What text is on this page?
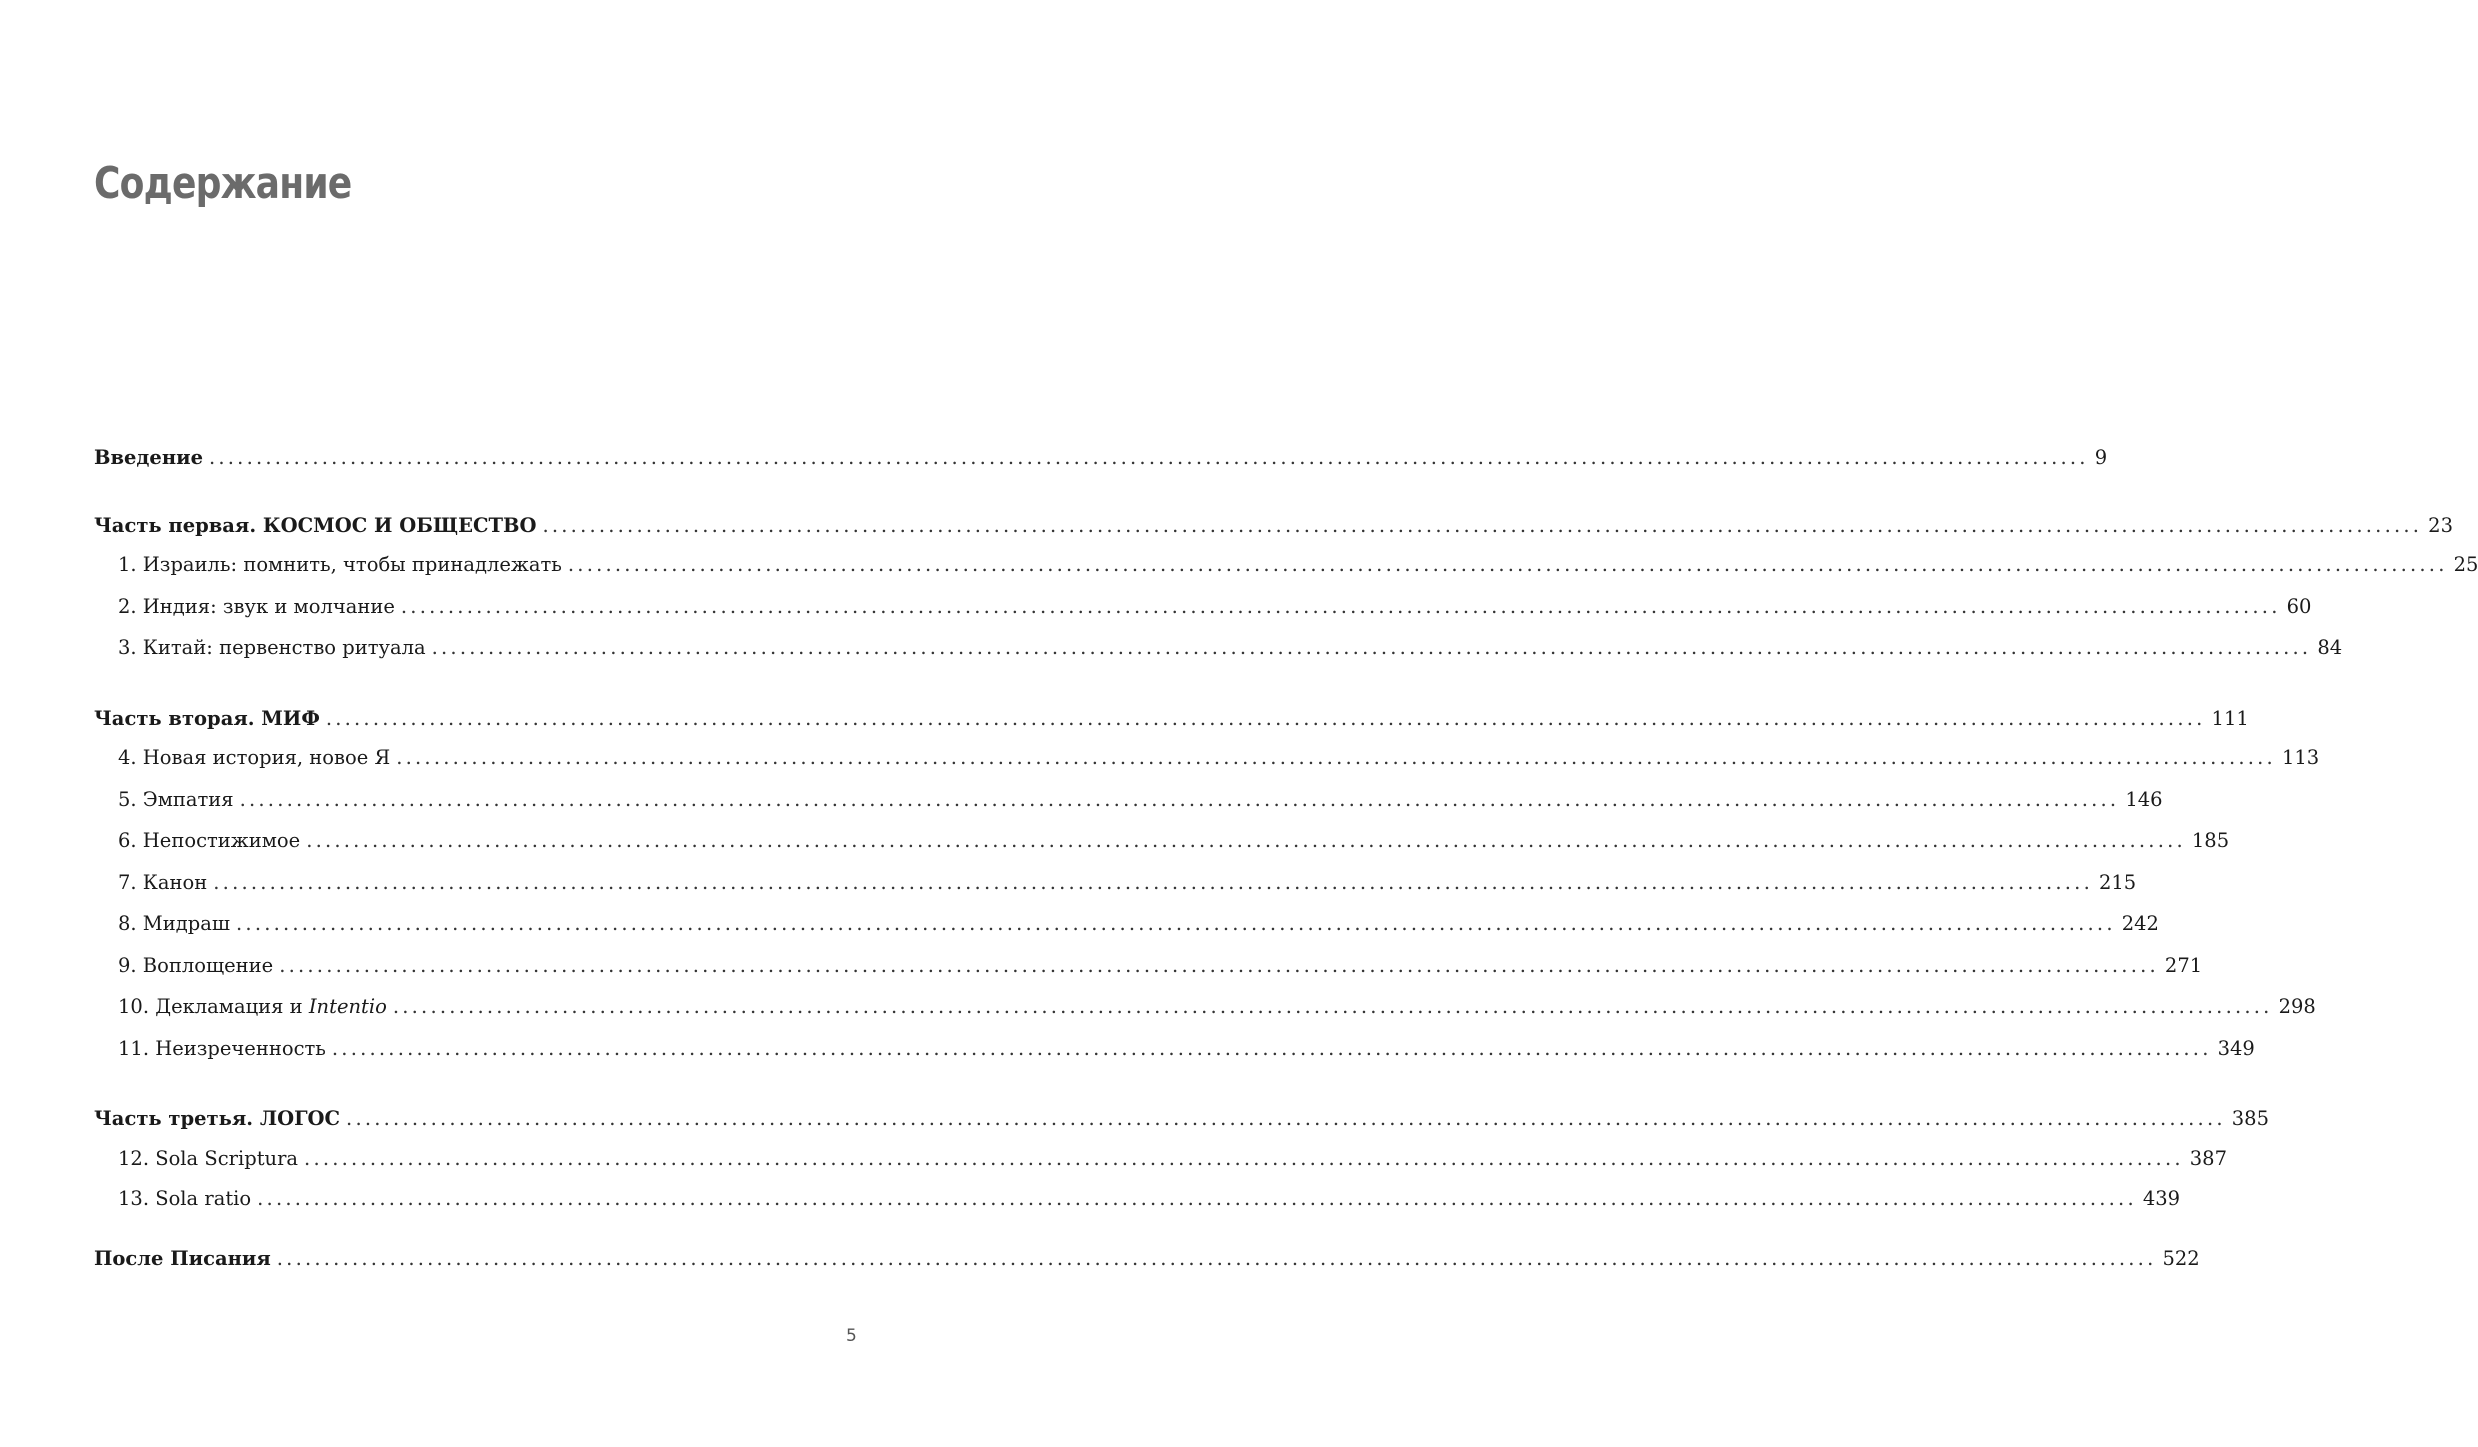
Содержание
Введение ........................................................................................................................................................................................................ 9
Часть первая. КОСМОС И ОБЩЕСТВО ........................................................................................................................................................................................................ 23
1. Израиль: помнить, чтобы принадлежать ........................................................................................................................................................................................................ 25
2. Индия: звук и молчание ........................................................................................................................................................................................................ 60
3. Китай: первенство ритуала ........................................................................................................................................................................................................ 84
Часть вторая. МИФ ........................................................................................................................................................................................................ 111
4. Новая история, новое Я ........................................................................................................................................................................................................ 113
5. Эмпатия ........................................................................................................................................................................................................ 146
6. Непостижимое ........................................................................................................................................................................................................ 185
7. Канон ........................................................................................................................................................................................................ 215
8. Мидраш ........................................................................................................................................................................................................ 242
9. Воплощение ........................................................................................................................................................................................................ 271
10. Декламация и Intentio ........................................................................................................................................................................................................ 298
11. Неизреченность ........................................................................................................................................................................................................ 349
Часть третья. ЛОГОС ........................................................................................................................................................................................................ 385
12. Sola Scriptura ........................................................................................................................................................................................................ 387
13. Sola ratio ........................................................................................................................................................................................................ 439
После Писания ........................................................................................................................................................................................................ 522
5
